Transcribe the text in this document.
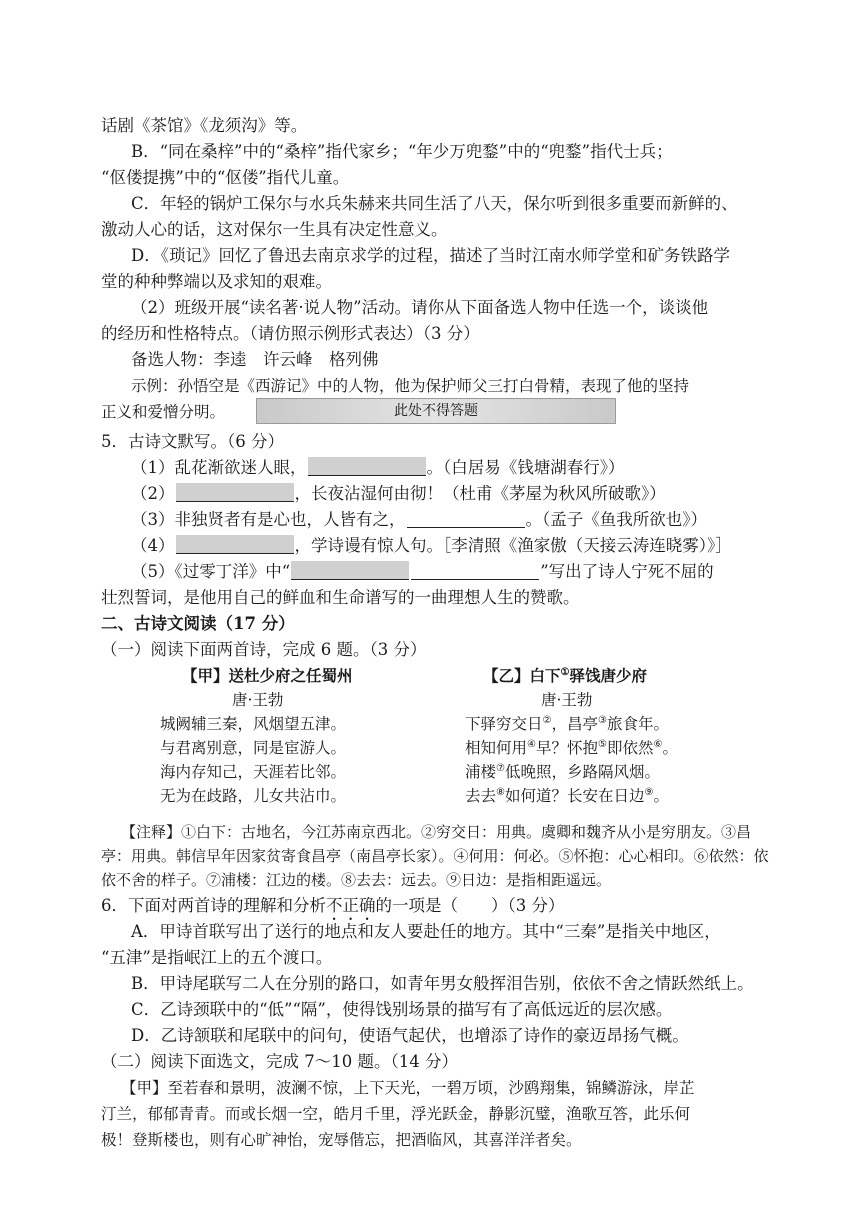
话剧《茶馆》《龙须沟》等。
B．“同在桑梓”中的“桑梓”指代家乡；“年少万兜鍪”中的“兜鍪”指代士兵；
“伛偻提携”中的“伛偻”指代儿童。
C．年轻的锅炉工保尔与水兵朱赫来共同生活了八天，保尔听到很多重要而新鲜的、
激动人心的话，这对保尔一生具有决定性意义。
D．《琐记》回忆了鲁迅去南京求学的过程，描述了当时江南水师学堂和矿务铁路学
堂的种种弊端以及求知的艰难。
（2）班级开展“读名著·说人物”活动。请你从下面备选人物中任选一个，谈谈他
的经历和性格特点。（请仿照示例形式表达）（3 分）
备选人物：李逵　许云峰　格列佛
示例：孙悟空是《西游记》中的人物，他为保护师父三打白骨精，表现了他的坚持
正义和爱憎分明。	此处不得答题
5．古诗文默写。（6 分）
（1）乱花渐欲迷人眼，	。（白居易《钱塘湖春行》）
（2）	，长夜沾湿何由彻！（杜甫《茅屋为秋风所破歌》）
（3）非独贤者有是心也，人皆有之，	。（孟子《鱼我所欲也》）
（4）	，学诗谩有惊人句。［李清照《渔家傲（天接云涛连晓雾）》］
（5）《过零丁洋》中“	”写出了诗人宁死不屈的
壮烈誓词，是他用自己的鲜血和生命谱写的一曲理想人生的赞歌。
二、古诗文阅读（17 分）
（一）阅读下面两首诗，完成 6 题。（3 分）
【甲】送杜少府之任蜀州
唐·王勃
城阙辅三秦，风烟望五津。
与君离别意，同是宦游人。
海内存知己，天涯若比邻。
无为在歧路，儿女共沾巾。
【乙】白下①驿饯唐少府
唐·王勃
下驿穷交日②，昌亭③旅食年。
相知何用④早？怀抱⑤即依然⑥。
浦楼⑦低晚照，乡路隔风烟。
去去⑧如何道？长安在日边⑨。
【注释】①白下：古地名，今江苏南京西北。②穷交日：用典。虞卿和魏齐从小是穷朋友。③昌
亭：用典。韩信早年因家贫寄食昌亭（南昌亭长家）。④何用：何必。⑤怀抱：心心相印。⑥依然：依
依不舍的样子。⑦浦楼：江边的楼。⑧去去：远去。⑨日边：是指相距遥远。
6．下面对两首诗的理解和分析不正确的一项是（　　）（3 分）
A．甲诗首联写出了送行的地点和友人要赴任的地方。其中“三秦”是指关中地区，
“五津”是指岷江上的五个渡口。
B．甲诗尾联写二人在分别的路口，如青年男女般挥泪告别，依依不舍之情跃然纸上。
C．乙诗颈联中的“低”“隔”，使得饯别场景的描写有了高低远近的层次感。
D．乙诗颔联和尾联中的问句，使语气起伏，也增添了诗作的豪迈昂扬气概。
（二）阅读下面选文，完成 7～10 题。（14 分）
【甲】至若春和景明，波澜不惊，上下天光，一碧万顷，沙鸥翔集，锦鳞游泳，岸芷
汀兰，郁郁青青。而或长烟一空，皓月千里，浮光跃金，静影沉璧，渔歌互答，此乐何
极！登斯楼也，则有心旷神怡，宠辱偕忘，把酒临风，其喜洋洋者矣。
